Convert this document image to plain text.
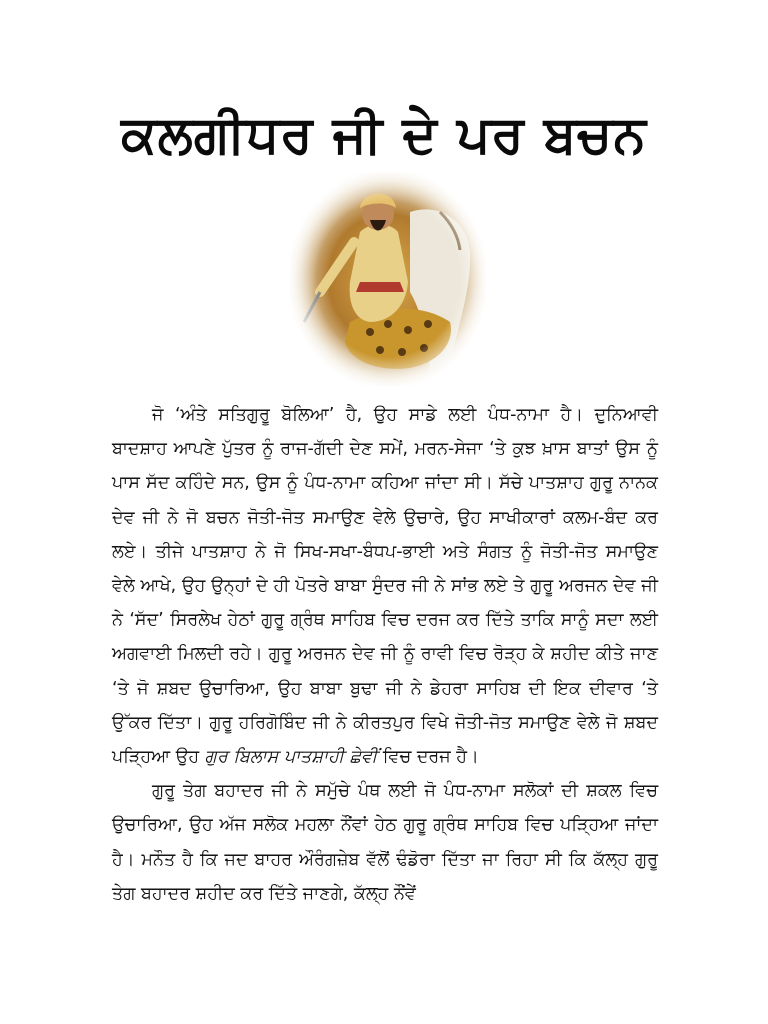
ਕਲਗੀਧਰ ਜੀ ਦੇ ਪਰ ਬਚਨ

ਜੋ ‘ਅੰਤੇ ਸਤਿਗੁਰੂ ਬੋਲਿਆ’ ਹੈ, ਉਹ ਸਾਡੇ ਲਈ ਪੰਧ-ਨਾਮਾ ਹੈ। ਦੁਨਿਆਵੀ ਬਾਦਸ਼ਾਹ ਆਪਣੇ ਪੁੱਤਰ ਨੂੰ ਰਾਜ-ਗੱਦੀ ਦੇਣ ਸਮੇਂ, ਮਰਨ-ਸੇਜਾ ‘ਤੇ ਕੁਝ ਖ਼ਾਸ ਬਾਤਾਂ ਉਸ ਨੂੰ ਪਾਸ ਸੱਦ ਕਹਿੰਦੇ ਸਨ, ਉਸ ਨੂੰ ਪੰਧ-ਨਾਮਾ ਕਹਿਆ ਜਾਂਦਾ ਸੀ। ਸੱਚੇ ਪਾਤਸ਼ਾਹ ਗੁਰੂ ਨਾਨਕ ਦੇਵ ਜੀ ਨੇ ਜੋ ਬਚਨ ਜੋਤੀ-ਜੋਤ ਸਮਾਉਣ ਵੇਲੇ ਉਚਾਰੇ, ਉਹ ਸਾਖੀਕਾਰਾਂ ਕਲਮ-ਬੰਦ ਕਰ ਲਏ। ਤੀਜੇ ਪਾਤਸ਼ਾਹ ਨੇ ਜੋ ਸਿਖ-ਸਖਾ-ਬੰਧਪ-ਭਾਈ ਅਤੇ ਸੰਗਤ ਨੂੰ ਜੋਤੀ-ਜੋਤ ਸਮਾਉਣ ਵੇਲੇ ਆਖੇ, ਉਹ ਉਨ੍ਹਾਂ ਦੇ ਹੀ ਪੋਤਰੇ ਬਾਬਾ ਸੁੰਦਰ ਜੀ ਨੇ ਸਾਂਭ ਲਏ ਤੇ ਗੁਰੂ ਅਰਜਨ ਦੇਵ ਜੀ ਨੇ ‘ਸੱਦ’ ਸਿਰਲੇਖ ਹੇਠਾਂ ਗੁਰੂ ਗ੍ਰੰਥ ਸਾਹਿਬ ਵਿਚ ਦਰਜ ਕਰ ਦਿੱਤੇ ਤਾਕਿ ਸਾਨੂੰ ਸਦਾ ਲਈ ਅਗਵਾਈ ਮਿਲਦੀ ਰਹੇ। ਗੁਰੂ ਅਰਜਨ ਦੇਵ ਜੀ ਨੂੰ ਰਾਵੀ ਵਿਚ ਰੋੜ੍ਹ ਕੇ ਸ਼ਹੀਦ ਕੀਤੇ ਜਾਣ ‘ਤੇ ਜੋ ਸ਼ਬਦ ਉਚਾਰਿਆ, ਉਹ ਬਾਬਾ ਬੁਢਾ ਜੀ ਨੇ ਡੇਹਰਾ ਸਾਹਿਬ ਦੀ ਇਕ ਦੀਵਾਰ ‘ਤੇ ਉੱਕਰ ਦਿੱਤਾ। ਗੁਰੂ ਹਰਿਗੋਬਿੰਦ ਜੀ ਨੇ ਕੀਰਤਪੁਰ ਵਿਖੇ ਜੋਤੀ-ਜੋਤ ਸਮਾਉਣ ਵੇਲੇ ਜੋ ਸ਼ਬਦ ਪੜ੍ਹਿਆ ਉਹ ਗੁਰ ਬਿਲਾਸ ਪਾਤਸ਼ਾਹੀ ਛੇਵੀਂ ਵਿਚ ਦਰਜ ਹੈ।

ਗੁਰੂ ਤੇਗ ਬਹਾਦਰ ਜੀ ਨੇ ਸਮੁੱਚੇ ਪੰਥ ਲਈ ਜੋ ਪੰਧ-ਨਾਮਾ ਸਲੋਕਾਂ ਦੀ ਸ਼ਕਲ ਵਿਚ ਉਚਾਰਿਆ, ਉਹ ਅੱਜ ਸਲੋਕ ਮਹਲਾ ਨੌਂਵਾਂ ਹੇਠ ਗੁਰੂ ਗ੍ਰੰਥ ਸਾਹਿਬ ਵਿਚ ਪੜ੍ਹਿਆ ਜਾਂਦਾ ਹੈ। ਮਨੌਤ ਹੈ ਕਿ ਜਦ ਬਾਹਰ ਔਰੰਗਜ਼ੇਬ ਵੱਲੋਂ ਢੰਡੋਰਾ ਦਿੱਤਾ ਜਾ ਰਿਹਾ ਸੀ ਕਿ ਕੱਲ੍ਹ ਗੁਰੂ ਤੇਗ ਬਹਾਦਰ ਸ਼ਹੀਦ ਕਰ ਦਿੱਤੇ ਜਾਣਗੇ, ਕੱਲ੍ਹ ਨੌਂਵੇਂ
